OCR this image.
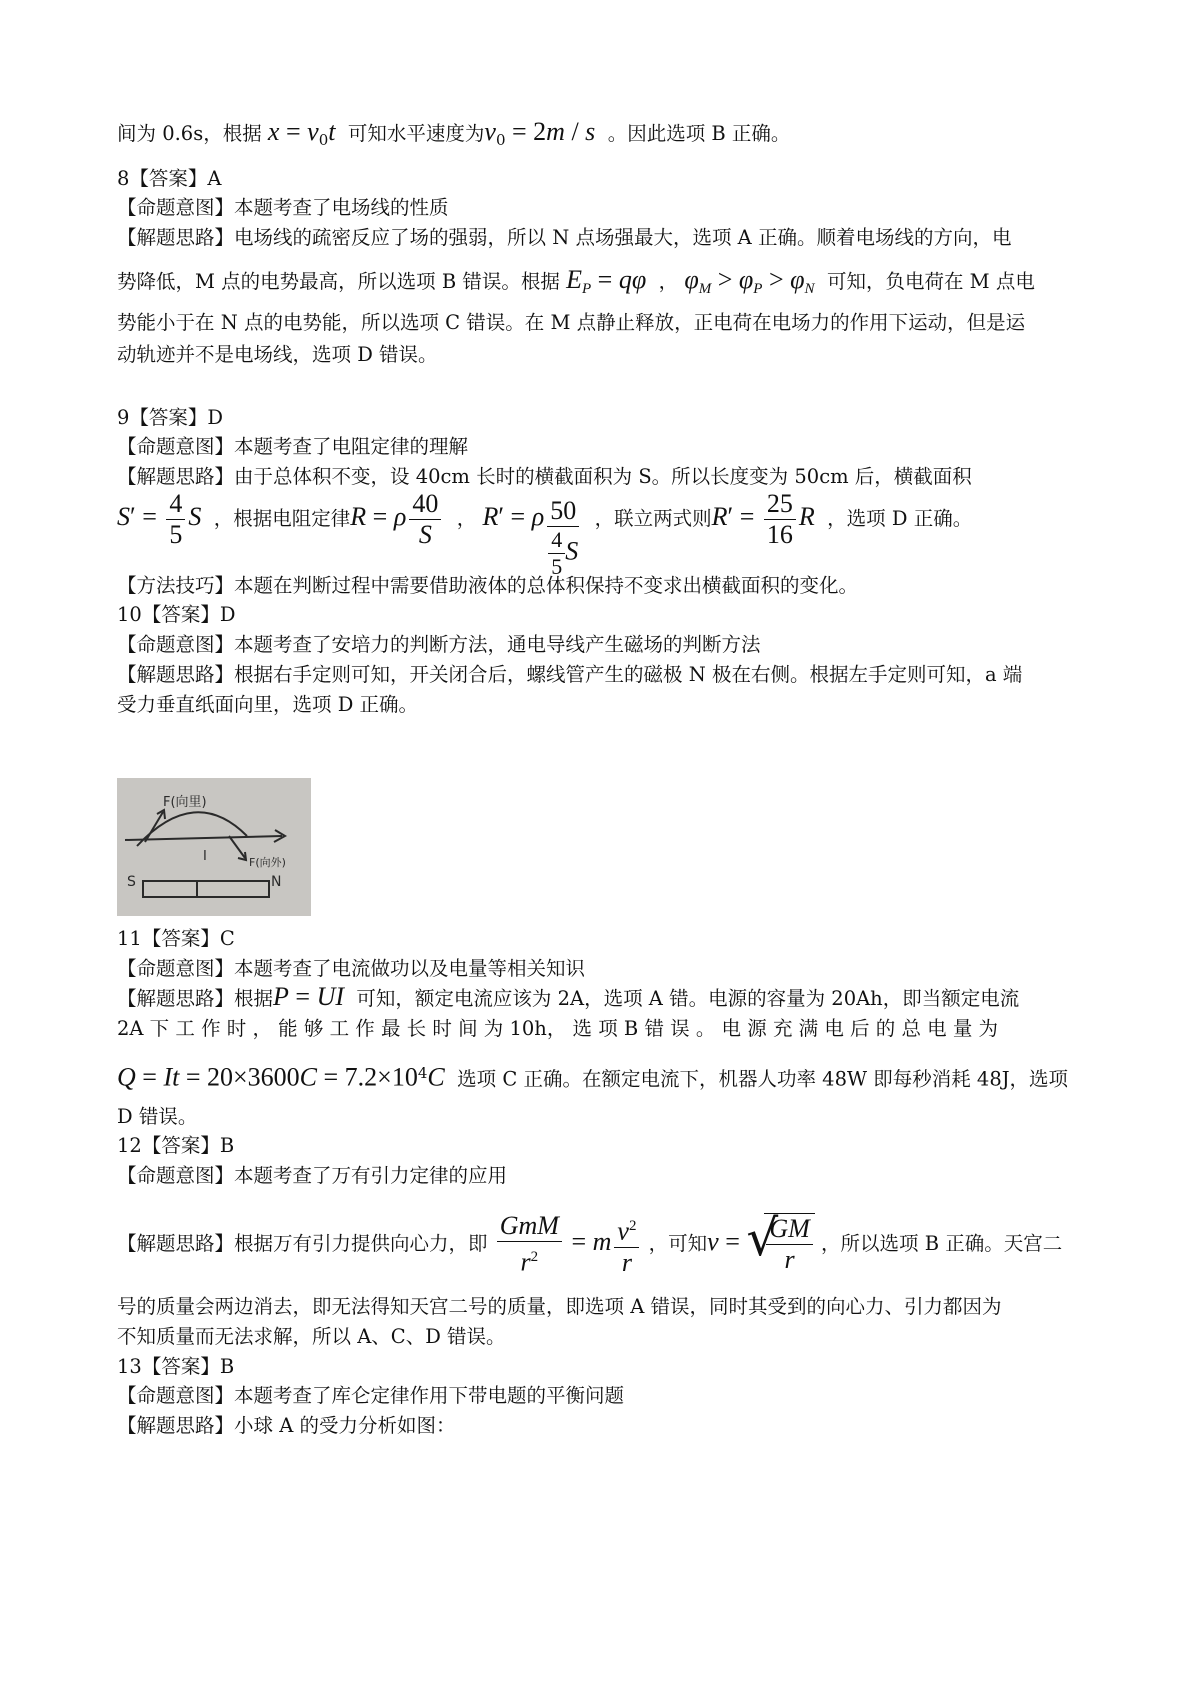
间为 0.6s，根据 $x = v_0t$ 可知水平速度为$v_0 = 2m / s$ 。因此选项 B 正确。
8【答案】A
【命题意图】本题考查了电场线的性质
【解题思路】电场线的疏密反应了场的强弱，所以 N 点场强最大，选项 A 正确。顺着电场线的方向，电
势降低，M 点的电势最高，所以选项 B 错误。根据 $E_P = q\varphi$  ， $\varphi_M > \varphi_P > \varphi_N$ 可知，负电荷在 M 点电
势能小于在 N 点的电势能，所以选项 C 错误。在 M 点静止释放，正电荷在电场力的作用下运动，但是运
动轨迹并不是电场线，选项 D 错误。
9【答案】D
【命题意图】本题考查了电阻定律的理解
【解题思路】由于总体积不变，设 40cm 长时的横截面积为 S。所以长度变为 50cm 后，横截面积
$S' = \frac{4}{5}$ S ，根据电阻定律R = ρ $\frac{40}{S}$ ， R′ = ρ $\frac{50}{\frac{4}{5} S}$ ，联立两式则$R' = \frac{25}{16}$ R ，选项 D 正确。
【方法技巧】本题在判断过程中需要借助液体的总体积保持不变求出横截面积的变化。
10【答案】D
【命题意图】本题考查了安培力的判断方法，通电导线产生磁场的判断方法
【解题思路】根据右手定则可知，开关闭合后，螺线管产生的磁极 N 极在右侧。根据左手定则可知，a 端
受力垂直纸面向里，选项 D 正确。
F(向里)
F(向外)
I
S	N
11【答案】C
【命题意图】本题考查了电流做功以及电量等相关知识
【解题思路】根据P = UI 可知，额定电流应该为 2A，选项 A 错。电源的容量为 20Ah，即当额定电流
2A 下 工 作 时 ， 能 够 工 作 最 长 时 间 为 10h， 选 项 B 错 误 。 电 源 充 满 电 后 的 总 电 量 为
$Q = It = 20\times 3600C = 7.2\times 10^4C$ 选项 C 正确。在额定电流下，机器人功率 48W 即每秒消耗 48J，选项
D 错误。
12【答案】B
【命题意图】本题考查了万有引力定律的应用
【解题思路】根据万有引力提供向心力，即 $\frac{\text{GmM}}{r^2} = m \frac{v^2}{r}$ ，可知v = √
$\frac{GM}{r}$ ，所以选项 B 正确。天宫二
号的质量会两边消去，即无法得知天宫二号的质量，即选项 A 错误，同时其受到的向心力、引力都因为
不知质量而无法求解，所以 A、C、D 错误。
13【答案】B
【命题意图】本题考查了库仑定律作用下带电题的平衡问题
【解题思路】小球 A 的受力分析如图：
